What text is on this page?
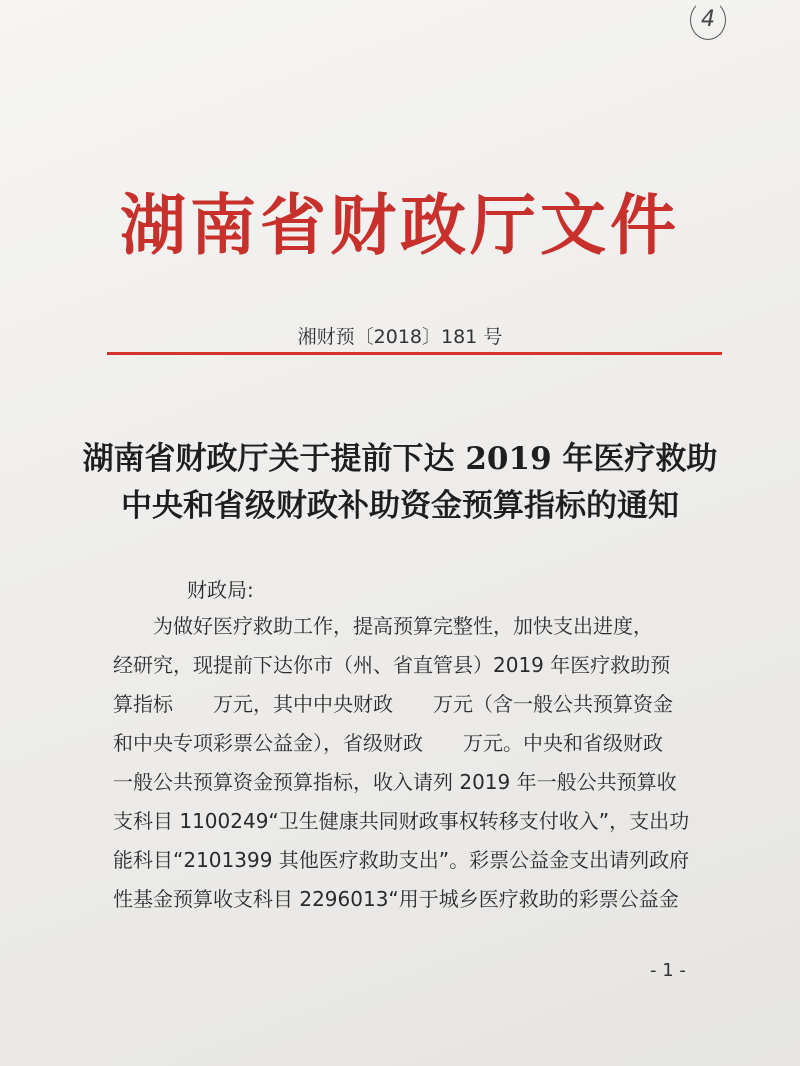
4
湖南省财政厅文件
湘财预〔2018〕181 号
湖南省财政厅关于提前下达 2019 年医疗救助
中央和省级财政补助资金预算指标的通知
财政局:
　　为做好医疗救助工作，提高预算完整性，加快支出进度，
经研究，现提前下达你市（州、省直管县）2019 年医疗救助预
算指标　　万元，其中中央财政　　万元（含一般公共预算资金
和中央专项彩票公益金），省级财政　　万元。中央和省级财政
一般公共预算资金预算指标，收入请列 2019 年一般公共预算收
支科目 1100249“卫生健康共同财政事权转移支付收入”，支出功
能科目“2101399 其他医疗救助支出”。彩票公益金支出请列政府
性基金预算收支科目 2296013“用于城乡医疗救助的彩票公益金
- 1 -
